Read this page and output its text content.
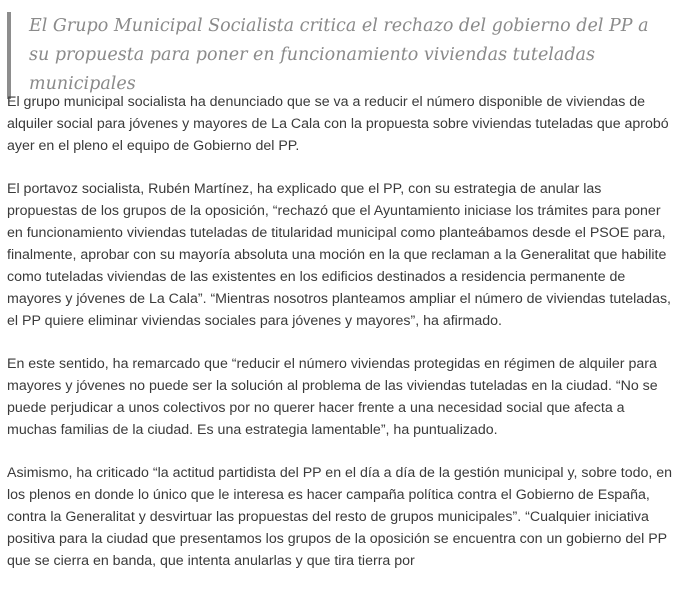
El Grupo Municipal Socialista critica el rechazo del gobierno del PP a su propuesta para poner en funcionamiento viviendas tuteladas municipales

El grupo municipal socialista ha denunciado que se va a reducir el número disponible de viviendas de alquiler social para jóvenes y mayores de La Cala con la propuesta sobre viviendas tuteladas que aprobó ayer en el pleno el equipo de Gobierno del PP.

El portavoz socialista, Rubén Martínez, ha explicado que el PP, con su estrategia de anular las propuestas de los grupos de la oposición, “rechazó que el Ayuntamiento iniciase los trámites para poner en funcionamiento viviendas tuteladas de titularidad municipal como planteábamos desde el PSOE para, finalmente, aprobar con su mayoría absoluta una moción en la que reclaman a la Generalitat que habilite como tuteladas viviendas de las existentes en los edificios destinados a residencia permanente de mayores y jóvenes de La Cala”. “Mientras nosotros planteamos ampliar el número de viviendas tuteladas, el PP quiere eliminar viviendas sociales para jóvenes y mayores”, ha afirmado.

En este sentido, ha remarcado que “reducir el número viviendas protegidas en régimen de alquiler para mayores y jóvenes no puede ser la solución al problema de las viviendas tuteladas en la ciudad. “No se puede perjudicar a unos colectivos por no querer hacer frente a una necesidad social que afecta a muchas familias de la ciudad. Es una estrategia lamentable”, ha puntualizado.

Asimismo, ha criticado “la actitud partidista del PP en el día a día de la gestión municipal y, sobre todo, en los plenos en donde lo único que le interesa es hacer campaña política contra el Gobierno de España, contra la Generalitat y desvirtuar las propuestas del resto de grupos municipales”. “Cualquier iniciativa positiva para la ciudad que presentamos los grupos de la oposición se encuentra con un gobierno del PP que se cierra en banda, que intenta anularlas y que tira tierra por
